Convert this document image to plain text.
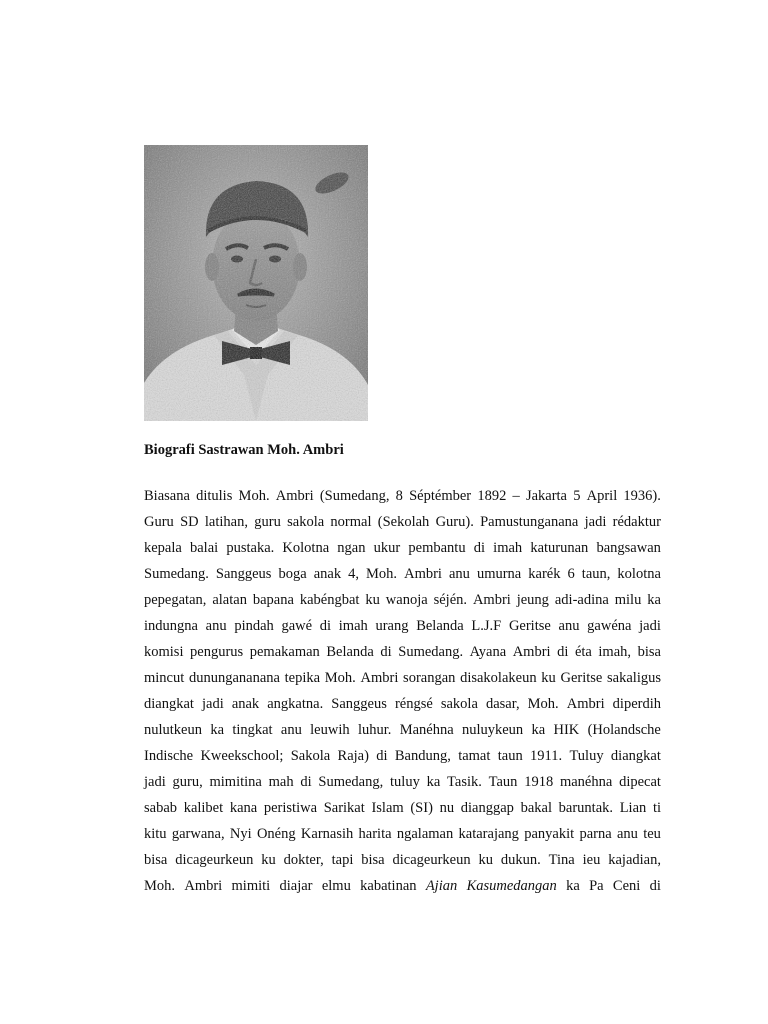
Biografi Sastrawan Moh. Ambri
Biasana ditulis Moh. Ambri (Sumedang, 8 Séptémber 1892 – Jakarta 5 April 1936).
Guru SD latihan, guru sakola normal (Sekolah Guru). Pamustunganana jadi rédaktur
kepala balai pustaka. Kolotna ngan ukur pembantu di imah katurunan bangsawan
Sumedang. Sanggeus boga anak 4, Moh. Ambri anu umurna karék 6 taun, kolotna
pepegatan, alatan bapana kabéngbat ku wanoja séjén. Ambri jeung adi-adina milu ka
indungna anu pindah gawé di imah urang Belanda L.J.F Geritse anu gawéna jadi
komisi pengurus pemakaman Belanda di Sumedang. Ayana Ambri di éta imah, bisa
mincut dunungananana tepika Moh. Ambri sorangan disakolakeun ku Geritse sakaligus
diangkat jadi anak angkatna. Sanggeus réngsé sakola dasar, Moh. Ambri diperdih
nulutkeun ka tingkat anu leuwih luhur. Manéhna nuluykeun ka HIK (Holandsche
Indische Kweekschool; Sakola Raja) di Bandung, tamat taun 1911. Tuluy diangkat
jadi guru, mimitina mah di Sumedang, tuluy ka Tasik. Taun 1918 manéhna dipecat
sabab kalibet kana peristiwa Sarikat Islam (SI) nu dianggap bakal baruntak. Lian ti
kitu garwana, Nyi Onéng Karnasih harita ngalaman katarajang panyakit parna anu teu
bisa dicageurkeun ku dokter, tapi bisa dicageurkeun ku dukun. Tina ieu kajadian,
Moh. Ambri mimiti diajar elmu kabatinan Ajian Kasumedangan ka Pa Ceni di
